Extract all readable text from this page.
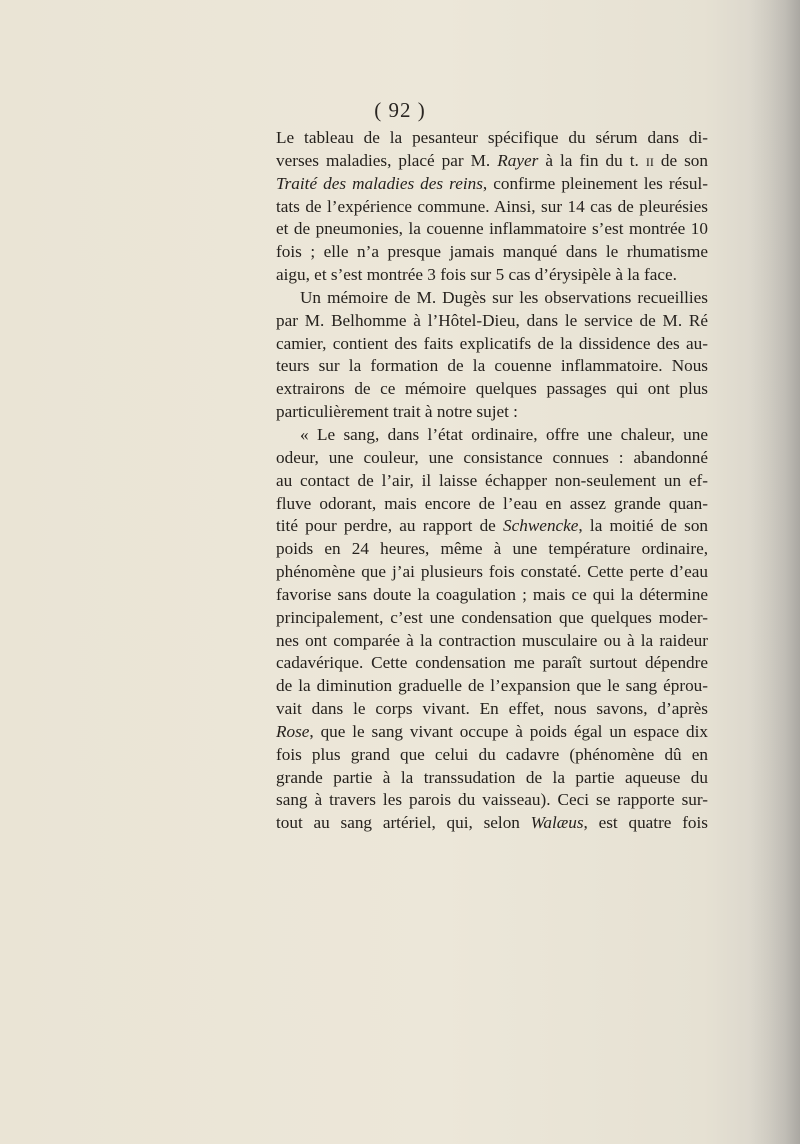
( 92 )
Le tableau de la pesanteur spécifique du sérum dans di-
verses maladies, placé par M. Rayer à la fin du t. ii de son
Traité des maladies des reins, confirme pleinement les résul-
tats de l’expérience commune. Ainsi, sur 14 cas de pleurésies
et de pneumonies, la couenne inflammatoire s’est montrée 10
fois ; elle n’a presque jamais manqué dans le rhumatisme
aigu, et s’est montrée 3 fois sur 5 cas d’érysipèle à la face.
Un mémoire de M. Dugès sur les observations recueillies
par M. Belhomme à l’Hôtel-Dieu, dans le service de M. Ré
camier, contient des faits explicatifs de la dissidence des au-
teurs sur la formation de la couenne inflammatoire. Nous
extrairons de ce mémoire quelques passages qui ont plus
particulièrement trait à notre sujet :
« Le sang, dans l’état ordinaire, offre une chaleur, une
odeur, une couleur, une consistance connues : abandonné
au contact de l’air, il laisse échapper non-seulement un ef-
fluve odorant, mais encore de l’eau en assez grande quan-
tité pour perdre, au rapport de Schwencke, la moitié de son
poids en 24 heures, même à une température ordinaire,
phénomène que j’ai plusieurs fois constaté. Cette perte d’eau
favorise sans doute la coagulation ; mais ce qui la détermine
principalement, c’est une condensation que quelques moder-
nes ont comparée à la contraction musculaire ou à la raideur
cadavérique. Cette condensation me paraît surtout dépendre
de la diminution graduelle de l’expansion que le sang éprou-
vait dans le corps vivant. En effet, nous savons, d’après
Rose, que le sang vivant occupe à poids égal un espace dix
fois plus grand que celui du cadavre (phénomène dû en
grande partie à la transsudation de la partie aqueuse du
sang à travers les parois du vaisseau). Ceci se rapporte sur-
tout au sang artériel, qui, selon Walæus, est quatre fois
